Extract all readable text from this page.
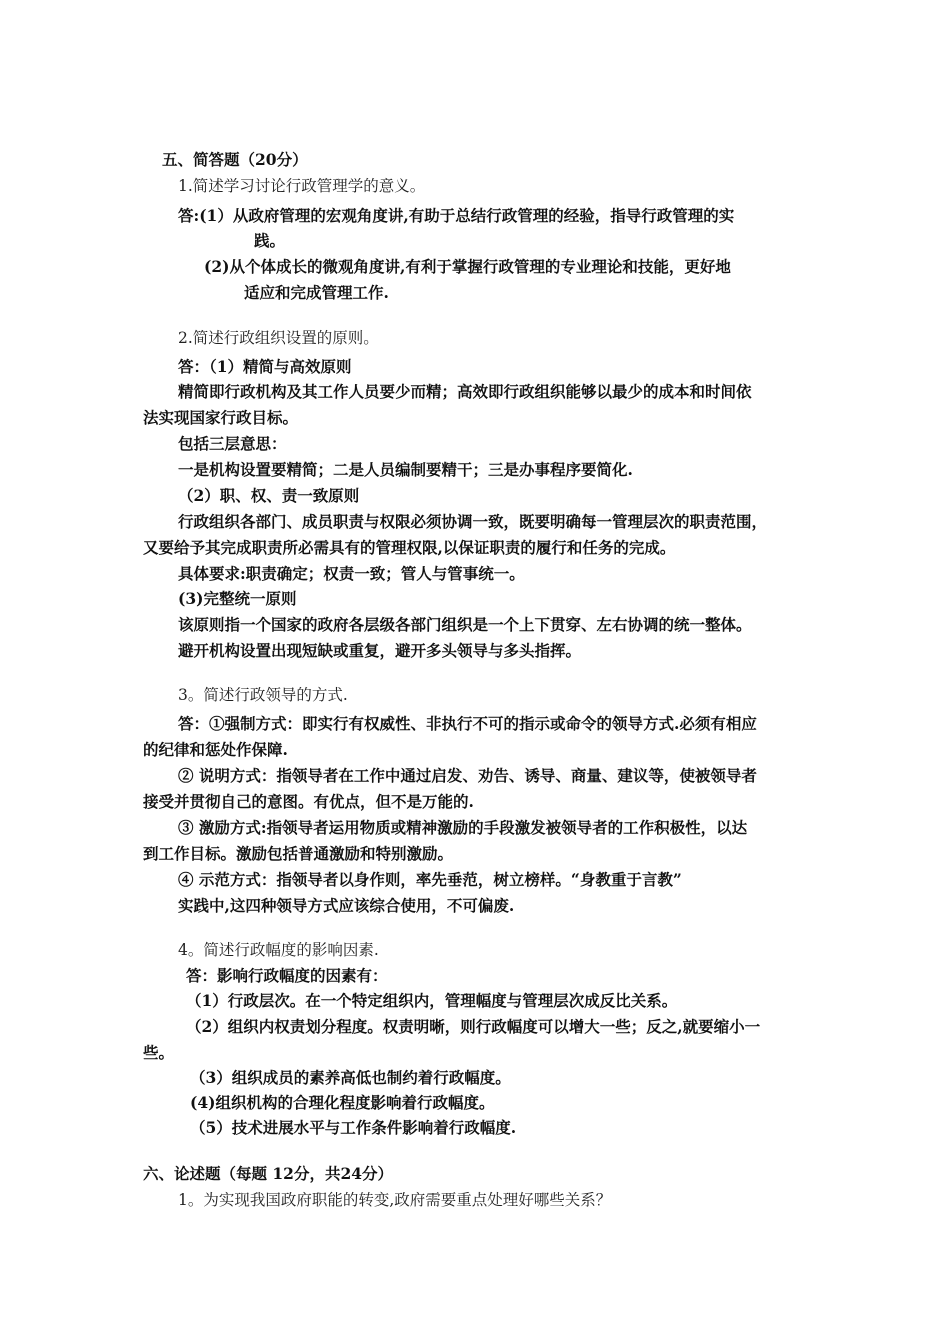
五、简答题（20分）
1.简述学习讨论行政管理学的意义。
答:(1）从政府管理的宏观角度讲,有助于总结行政管理的经验，指导行政管理的实
践。
(2)从个体成长的微观角度讲,有利于掌握行政管理的专业理论和技能，更好地
适应和完成管理工作.
2.简述行政组织设置的原则。
答：（1）精简与高效原则
精简即行政机构及其工作人员要少而精；高效即行政组织能够以最少的成本和时间依
法实现国家行政目标。
包括三层意思：
一是机构设置要精简；二是人员编制要精干；三是办事程序要简化.
（2）职、权、责一致原则
行政组织各部门、成员职责与权限必须协调一致，既要明确每一管理层次的职责范围，
又要给予其完成职责所必需具有的管理权限,以保证职责的履行和任务的完成。
具体要求:职责确定；权责一致；管人与管事统一。
(3)完整统一原则
该原则指一个国家的政府各层级各部门组织是一个上下贯穿、左右协调的统一整体。
避开机构设置出现短缺或重复，避开多头领导与多头指挥。
3。简述行政领导的方式.
答：①强制方式：即实行有权威性、非执行不可的指示或命令的领导方式.必须有相应
的纪律和惩处作保障.
② 说明方式：指领导者在工作中通过启发、劝告、诱导、商量、建议等，使被领导者
接受并贯彻自己的意图。有优点，但不是万能的.
③ 激励方式:指领导者运用物质或精神激励的手段激发被领导者的工作积极性，以达
到工作目标。激励包括普通激励和特别激励。
④ 示范方式：指领导者以身作则，率先垂范，树立榜样。“身教重于言教”
实践中,这四种领导方式应该综合使用，不可偏废.
4。简述行政幅度的影响因素.
答：影响行政幅度的因素有：
（1）行政层次。在一个特定组织内，管理幅度与管理层次成反比关系。
（2）组织内权责划分程度。权责明晰，则行政幅度可以增大一些；反之,就要缩小一
些。
（3）组织成员的素养高低也制约着行政幅度。
(4)组织机构的合理化程度影响着行政幅度。
（5）技术进展水平与工作条件影响着行政幅度.
六、论述题（每题 12分，共24分）
1。为实现我国政府职能的转变,政府需要重点处理好哪些关系？
